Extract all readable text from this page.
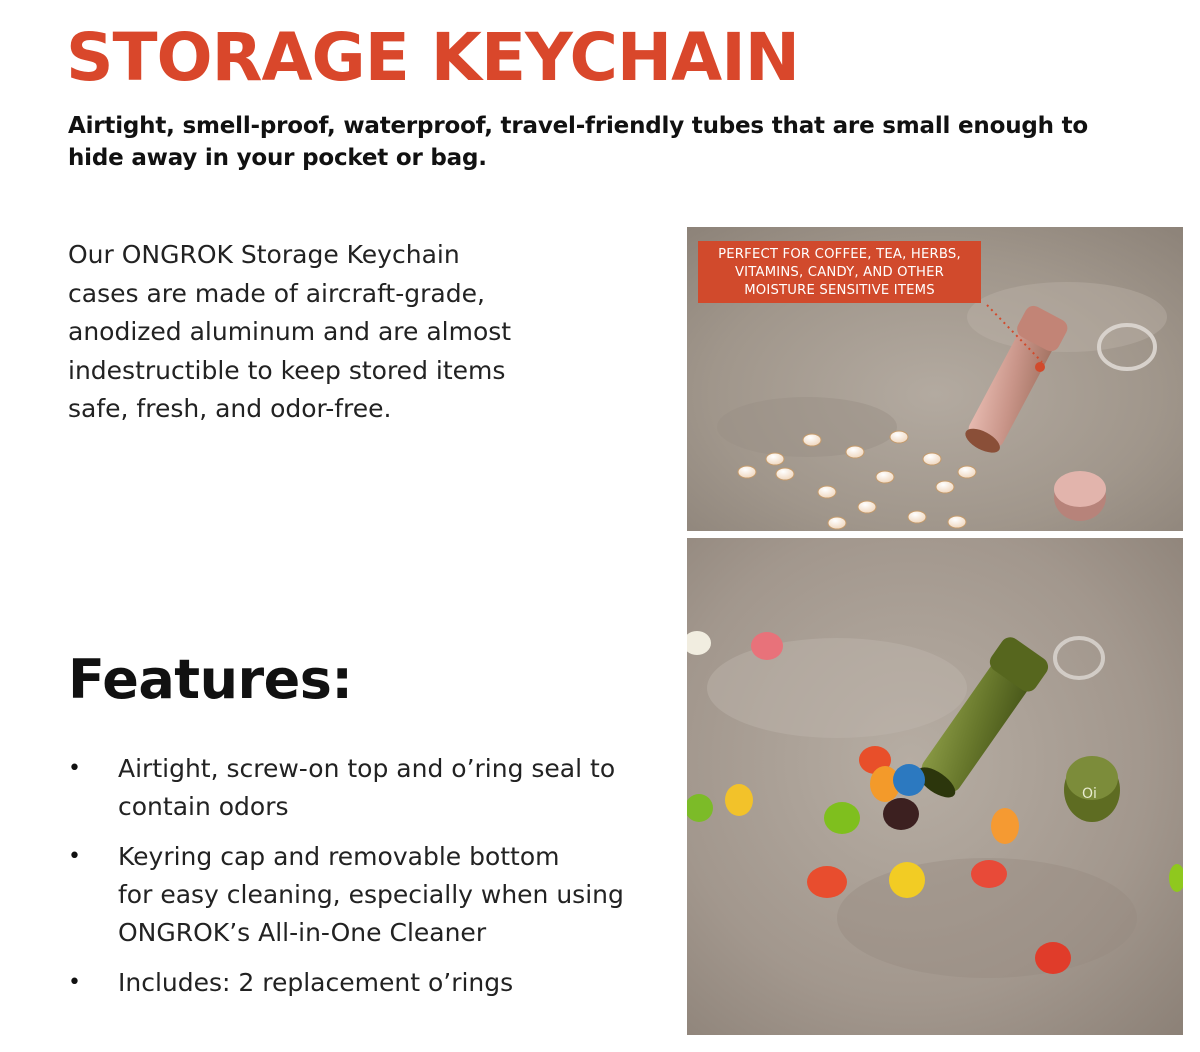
STORAGE KEYCHAIN

Airtight, smell-proof, waterproof, travel-friendly tubes that are small enough to hide away in your pocket or bag.

Our ONGROK Storage Keychain
cases are made of aircraft-grade,
anodized aluminum and are almost
indestructible to keep stored items
safe, fresh, and odor-free.
Features:
• Airtight, screw-on top and o’ring seal to
contain odors
• Keyring cap and removable bottom
for easy cleaning, especially when using
ONGROK’s All-in-One Cleaner
• Includes: 2 replacement o’rings
PERFECT FOR COFFEE, TEA, HERBS,
VITAMINS, CANDY, AND OTHER
MOISTURE SENSITIVE ITEMS
Oi
